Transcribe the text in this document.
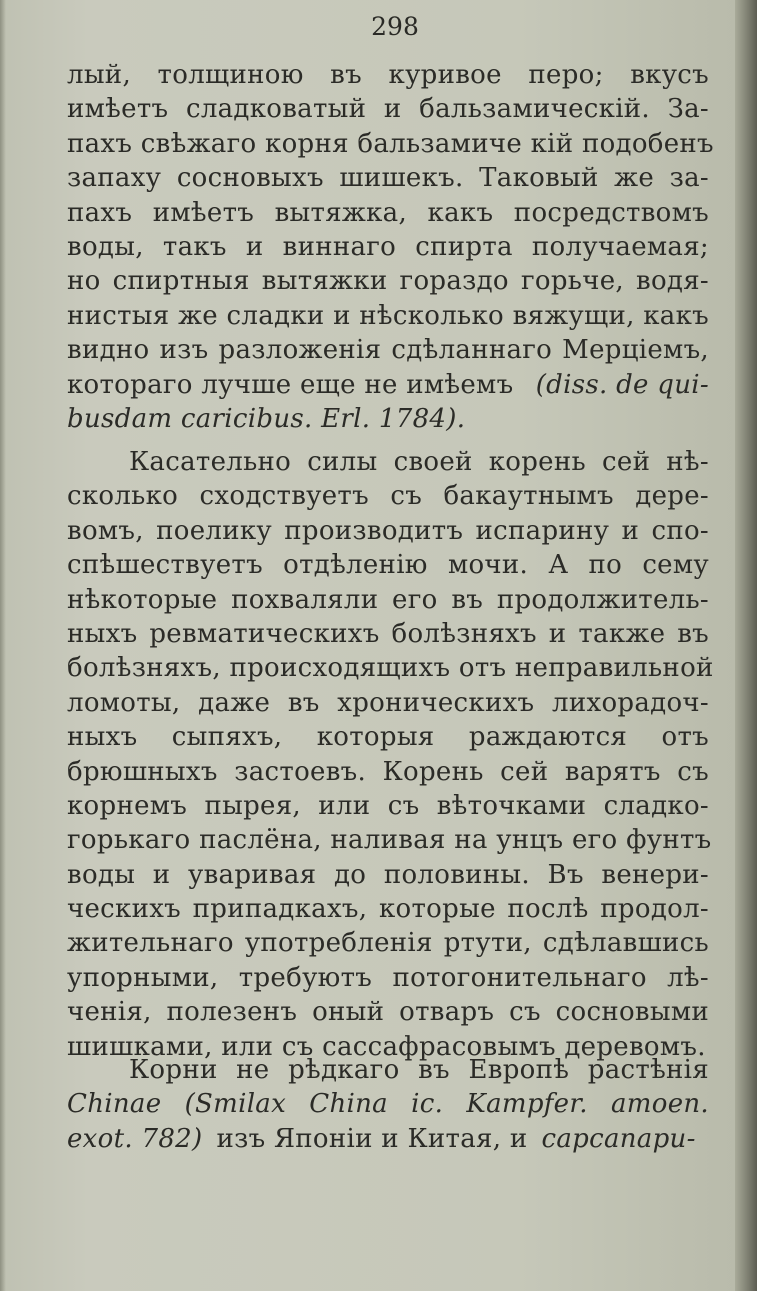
298
лый, толщиною въ куривое перо; вкусъ
имѣетъ сладковатый и бальзамическій. За-
пахъ свѣжаго корня бальзамиче кій подобенъ
запаху сосновыхъ шишекъ. Таковый же за-
пахъ имѣетъ вытяжка, какъ посредствомъ
воды, такъ и виннаго спирта получаемая;
но спиртныя вытяжки гораздо горьче, водя-
нистыя же сладки и нѣсколько вяжущи, какъ
видно изъ разложенія сдѣланнаго Мерціемъ,
котораго лучше еще не имѣемъ (diss. de qui-
busdam caricibus. Erl. 1784).
Касательно силы своей корень сей нѣ-
сколько сходствуетъ съ бакаутнымъ дере-
вомъ, поелику производитъ испарину и спо-
спѣшествуетъ отдѣленію мочи. А по сему
нѣкоторые похваляли его въ продолжитель-
ныхъ ревматическихъ болѣзняхъ и также въ
болѣзняхъ, происходящихъ отъ неправильной
ломоты, даже въ хроническихъ лихорадоч-
ныхъ сыпяхъ, которыя раждаются отъ
брюшныхъ застоевъ. Корень сей варятъ съ
корнемъ пырея, или съ вѣточками сладко-
горькаго паслёна, наливая на унцъ его фунтъ
воды и уваривая до половины. Въ венери-
ческихъ припадкахъ, которые послѣ продол-
жительнаго употребленія ртути, сдѣлавшись
упорными, требуютъ потогонительнаго лѣ-
ченія, полезенъ оный отваръ съ сосновыми
шишками, или съ сассафрасовымъ деревомъ.
Корни не рѣдкаго въ Европѣ растѣнія
Chinae (Smilax China ic. Kampfer. amoen.
exot. 782) изъ Японіи и Китая, и сарсапари-
